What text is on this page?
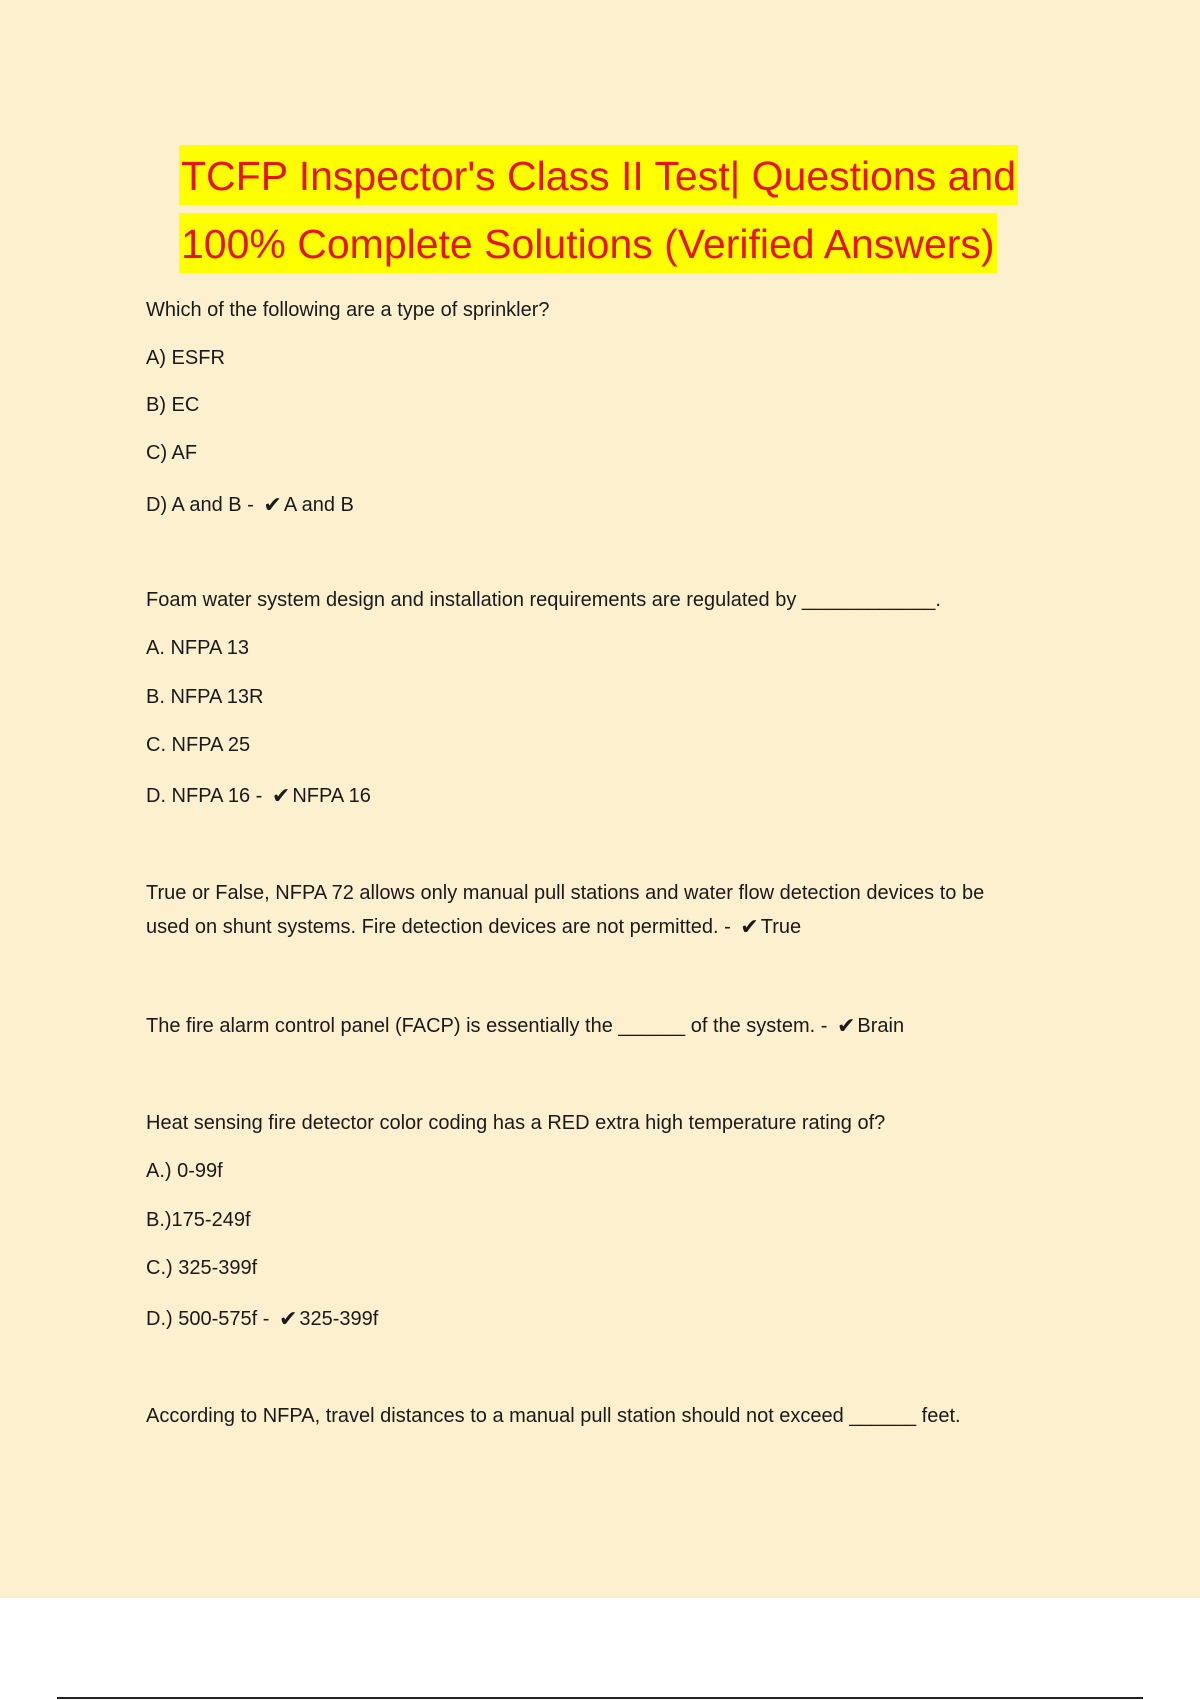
TCFP Inspector's Class II Test| Questions and
100% Complete Solutions (Verified Answers)
Which of the following are a type of sprinkler?
A) ESFR
B) EC
C) AF
D) A and B - ✔ A and B
Foam water system design and installation requirements are regulated by ____________.
A. NFPA 13
B. NFPA 13R
C. NFPA 25
D. NFPA 16 - ✔ NFPA 16
True or False, NFPA 72 allows only manual pull stations and water flow detection devices to be
used on shunt systems. Fire detection devices are not permitted. - ✔ True
The fire alarm control panel (FACP) is essentially the ______ of the system. - ✔ Brain
Heat sensing fire detector color coding has a RED extra high temperature rating of?
A.) 0-99f
B.)175-249f
C.) 325-399f
D.) 500-575f - ✔ 325-399f
According to NFPA, travel distances to a manual pull station should not exceed ______ feet.
